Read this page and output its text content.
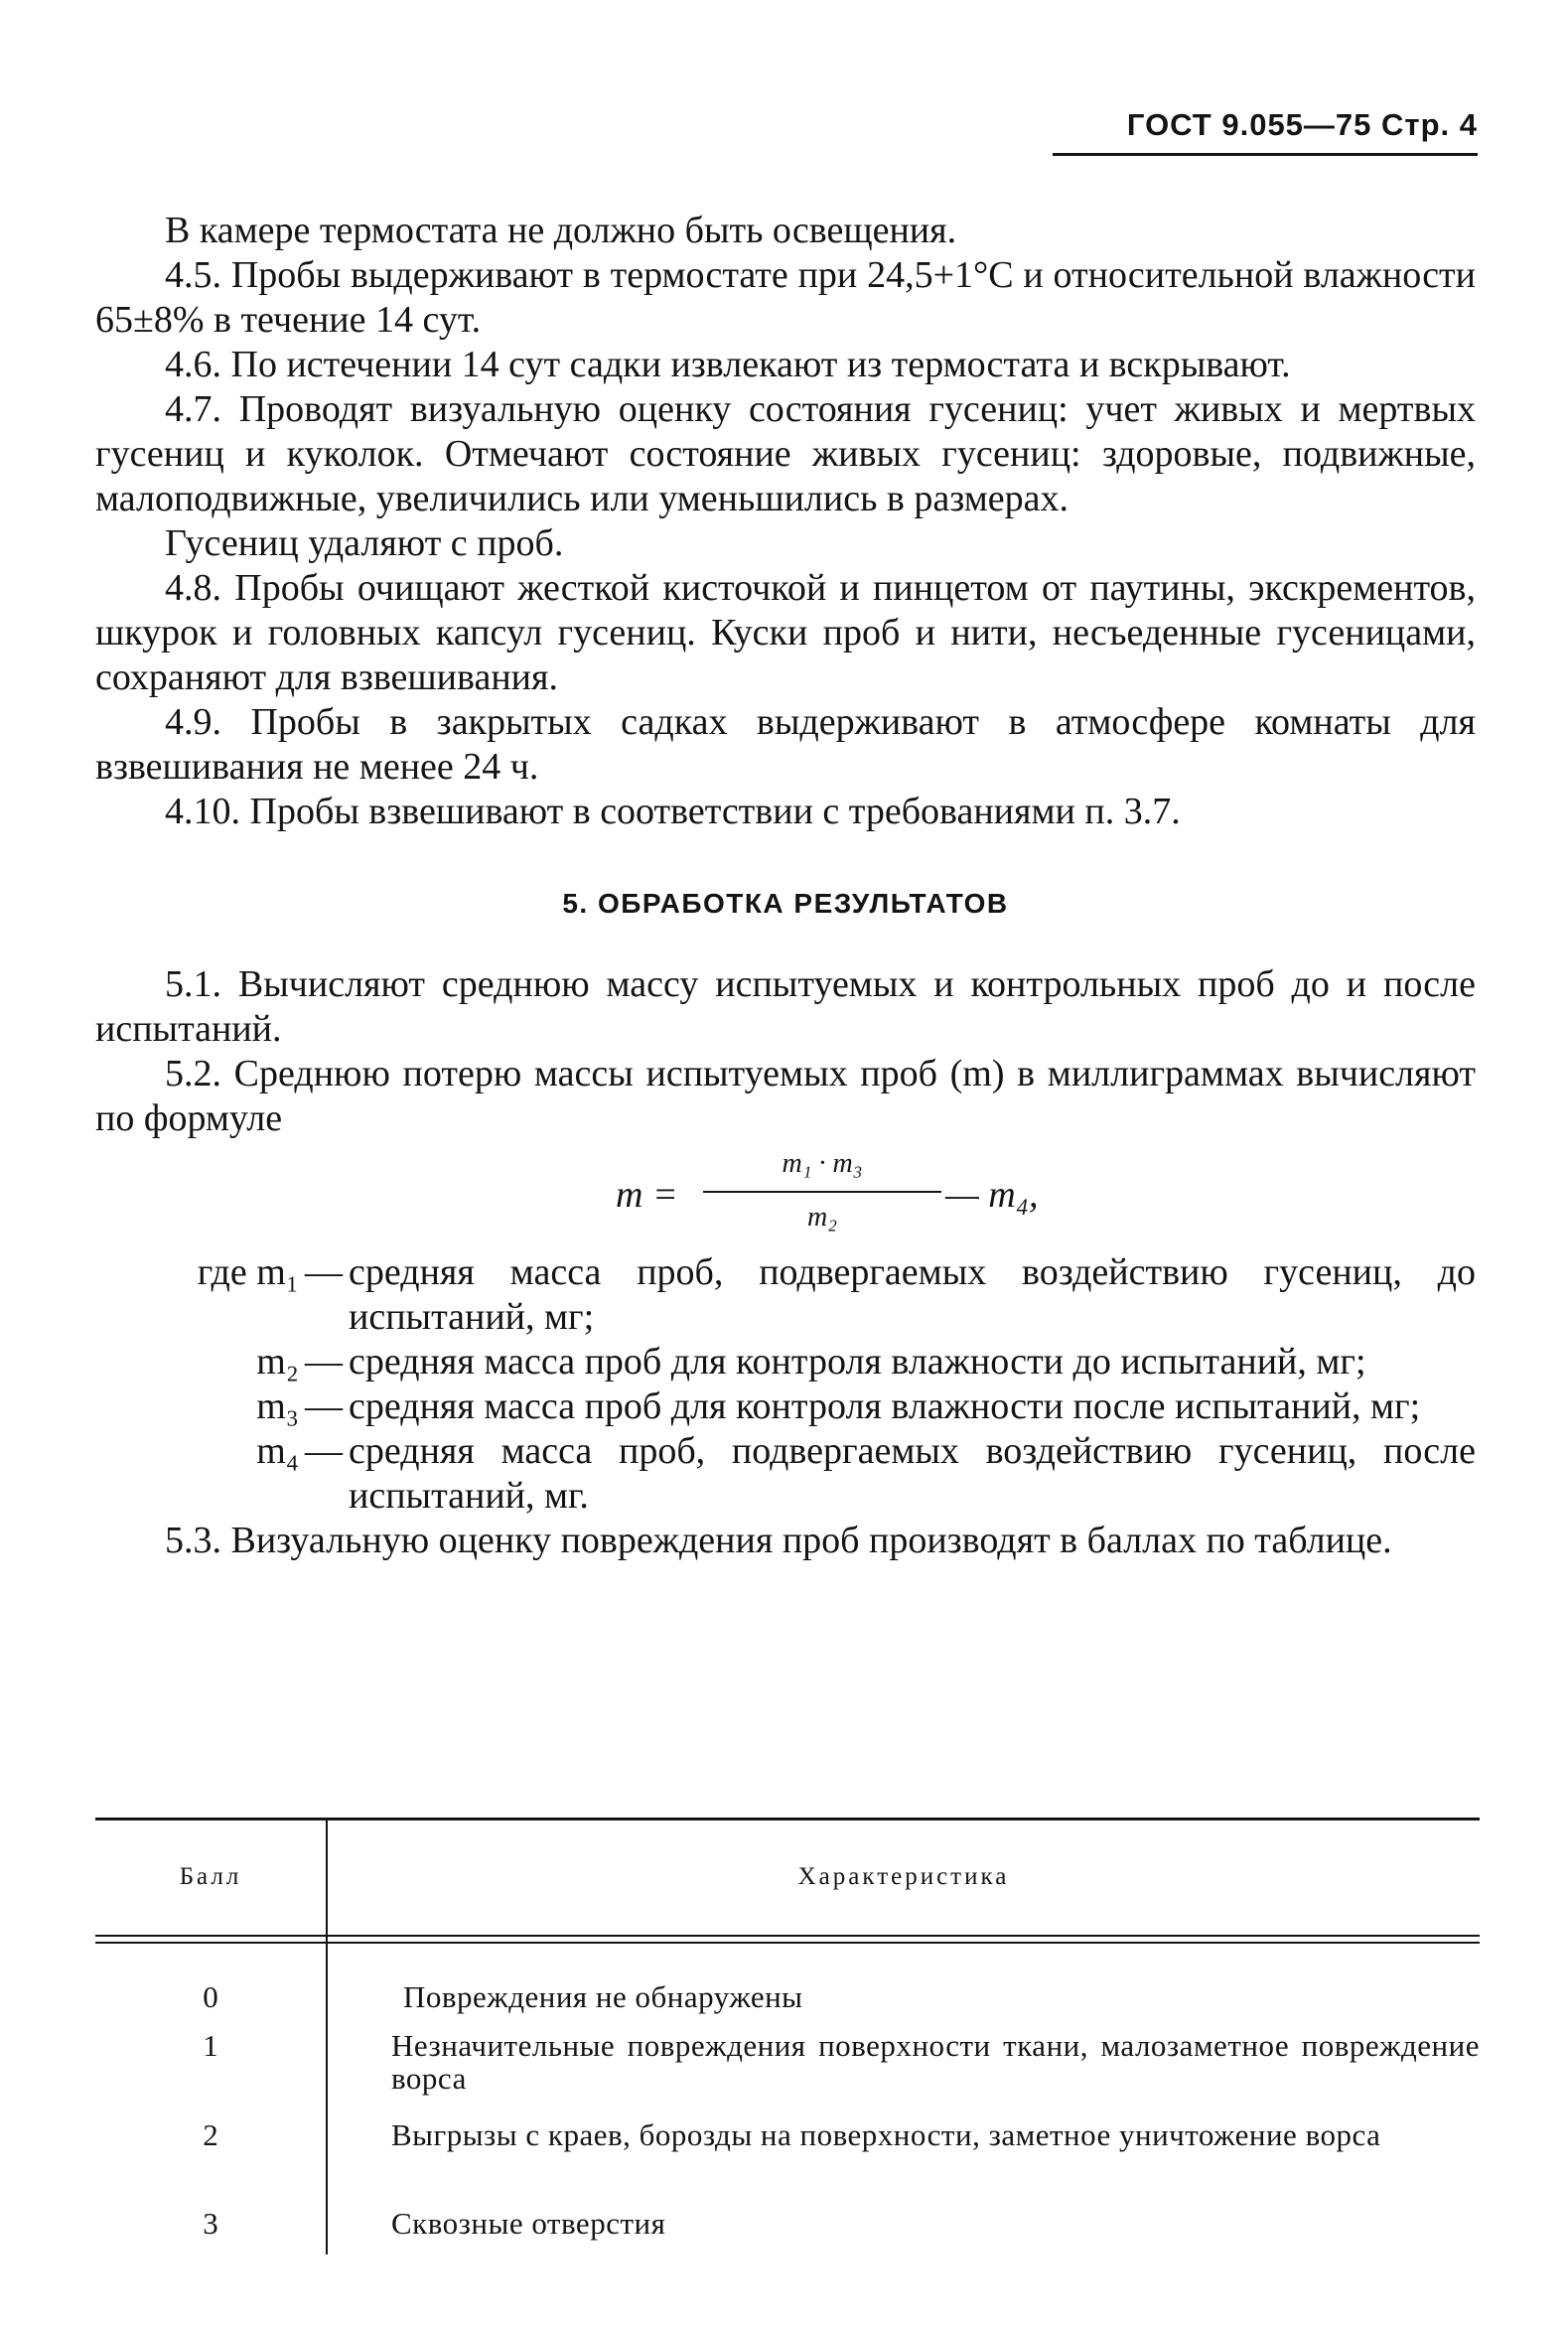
ГОСТ 9.055—75 Стр. 4

В камере термостата не должно быть освещения.

4.5. Пробы выдерживают в термостате при 24,5+1°С и относительной влажности 65±8% в течение 14 сут.

4.6. По истечении 14 сут садки извлекают из термостата и вскрывают.

4.7. Проводят визуальную оценку состояния гусениц: учет живых и мертвых гусениц и куколок. Отмечают состояние живых гусениц: здоровые, подвижные, малоподвижные, увеличились или уменьшились в размерах.

Гусениц удаляют с проб.

4.8. Пробы очищают жесткой кисточкой и пинцетом от паутины, экскрементов, шкурок и головных капсул гусениц. Куски проб и нити, несъеденные гусеницами, сохраняют для взвешивания.

4.9. Пробы в закрытых садках выдерживают в атмосфере комнаты для взвешивания не менее 24 ч.

4.10. Пробы взвешивают в соответствии с требованиями п. 3.7.

5. ОБРАБОТКА РЕЗУЛЬТАТОВ

5.1. Вычисляют среднюю массу испытуемых и контрольных проб до и после испытаний.

5.2. Среднюю потерю массы испытуемых проб (m) в миллиграммах вычисляют по формуле

m =
m₁ · m₃
m₂
— m₄,
где m₁ — средняя масса проб, подвергаемых воздействию гусениц, до испытаний, мг;
m₂ — средняя масса проб для контроля влажности до испытаний, мг;
m₃ — средняя масса проб для контроля влажности после испытаний, мг;
m₄ — средняя масса проб, подвергаемых воздействию гусениц, после испытаний, мг.

5.3. Визуальную оценку повреждения проб производят в баллах по таблице.

Балл	Характеристика
0	Повреждения не обнаружены
1	Незначительные повреждения поверхности ткани, малозаметное повреждение ворса
2	Выгрызы с краев, борозды на поверхности, заметное уничтожение ворса
3	Сквозные отверстия
